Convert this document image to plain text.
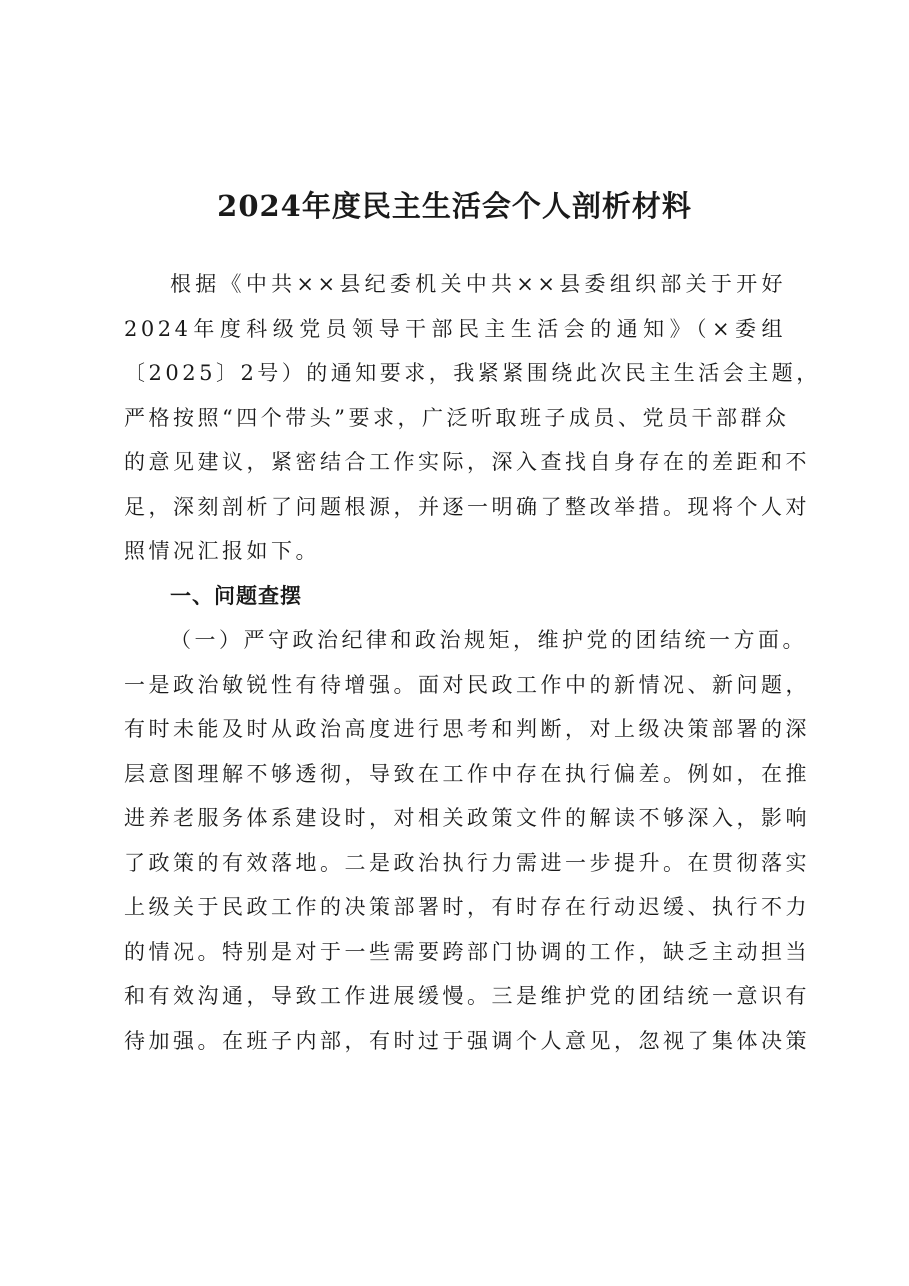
2024年度民主生活会个人剖析材料
根据《中共××县纪委机关中共××县委组织部关于开好
2024年度科级党员领导干部民主生活会的通知》（×委组
〔2025〕2号）的通知要求，我紧紧围绕此次民主生活会主题，
严格按照“四个带头”要求，广泛听取班子成员、党员干部群众
的意见建议，紧密结合工作实际，深入查找自身存在的差距和不
足，深刻剖析了问题根源，并逐一明确了整改举措。现将个人对
照情况汇报如下。
一、问题查摆
（一）严守政治纪律和政治规矩，维护党的团结统一方面。
一是政治敏锐性有待增强。面对民政工作中的新情况、新问题，
有时未能及时从政治高度进行思考和判断，对上级决策部署的深
层意图理解不够透彻，导致在工作中存在执行偏差。例如，在推
进养老服务体系建设时，对相关政策文件的解读不够深入，影响
了政策的有效落地。二是政治执行力需进一步提升。在贯彻落实
上级关于民政工作的决策部署时，有时存在行动迟缓、执行不力
的情况。特别是对于一些需要跨部门协调的工作，缺乏主动担当
和有效沟通，导致工作进展缓慢。三是维护党的团结统一意识有
待加强。在班子内部，有时过于强调个人意见，忽视了集体决策
